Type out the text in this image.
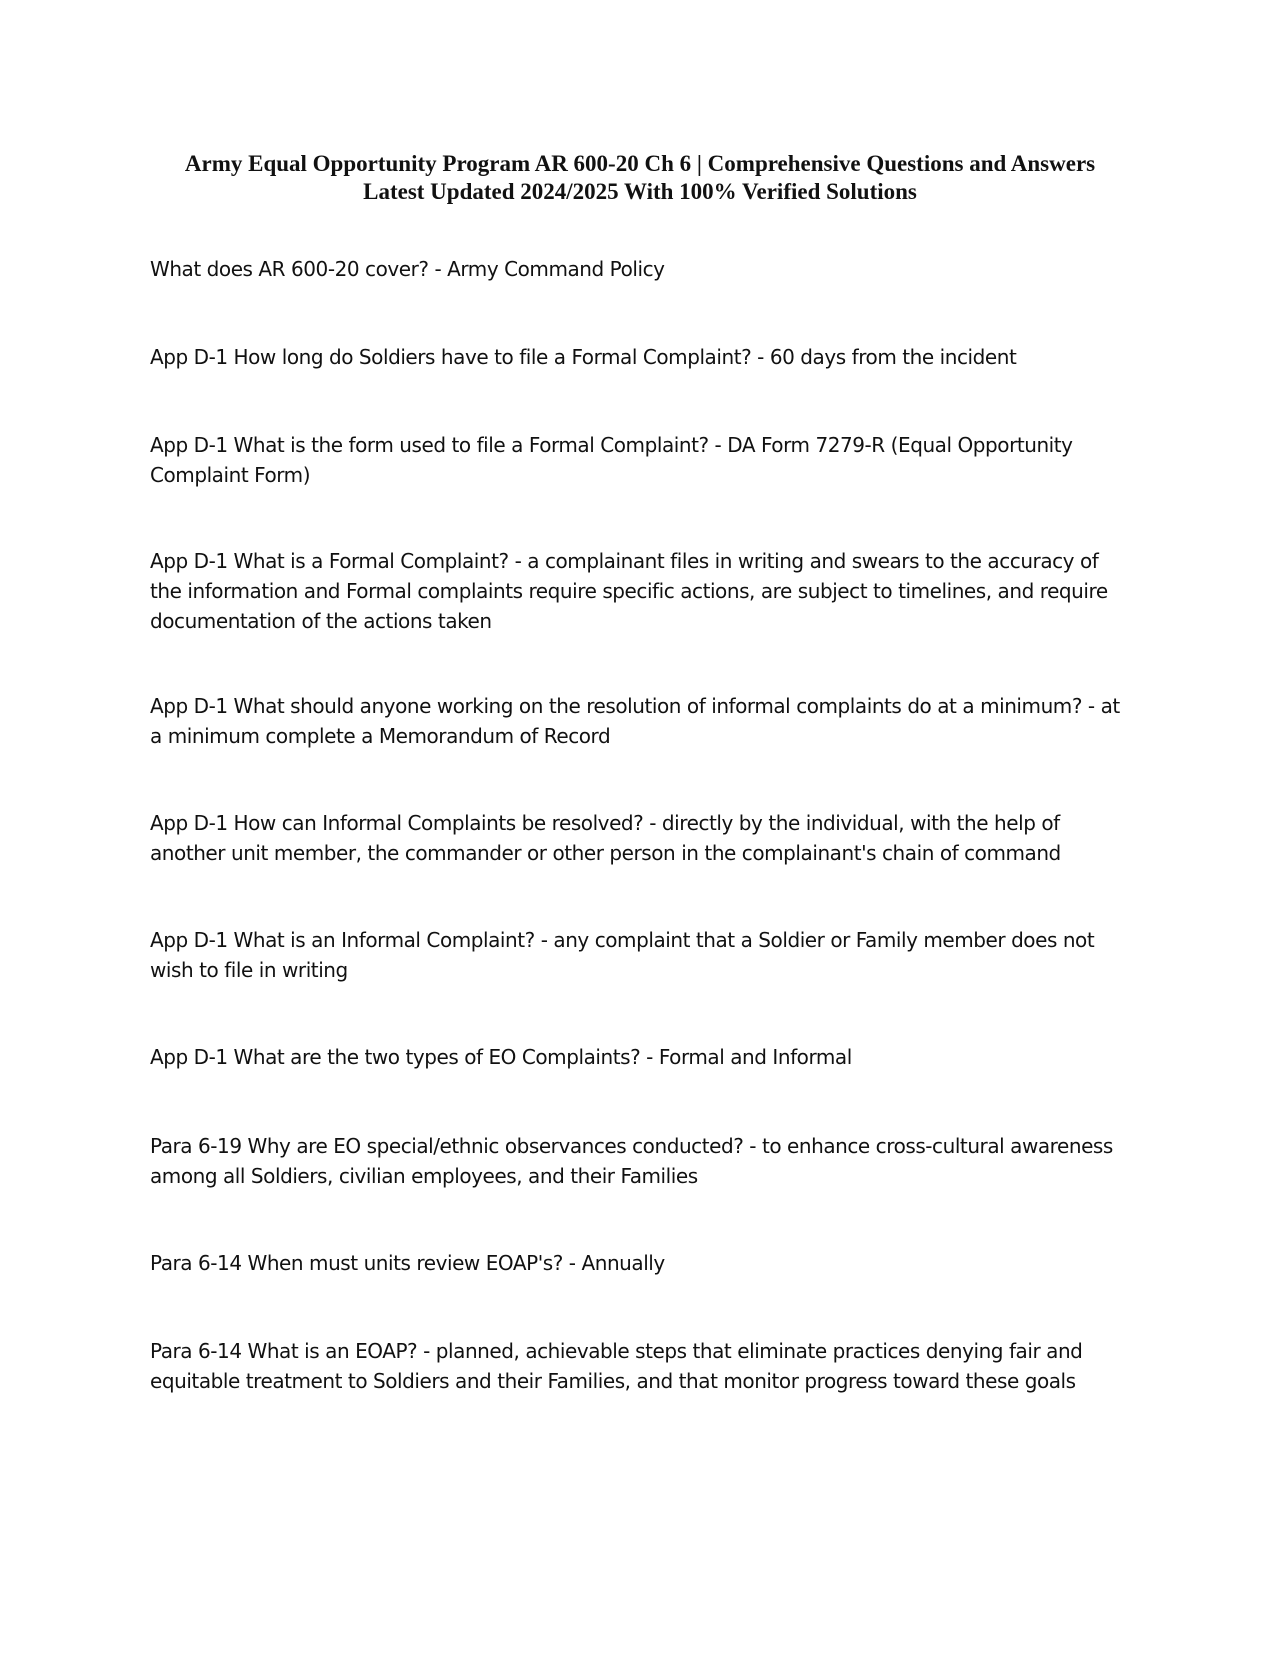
Army Equal Opportunity Program AR 600-20 Ch 6 | Comprehensive Questions and Answers
Latest Updated 2024/2025 With 100% Verified Solutions

What does AR 600-20 cover? - Army Command Policy

App D-1 How long do Soldiers have to file a Formal Complaint? - 60 days from the incident

App D-1 What is the form used to file a Formal Complaint? - DA Form 7279-R (Equal Opportunity Complaint Form)

App D-1 What is a Formal Complaint? - a complainant files in writing and swears to the accuracy of the information and Formal complaints require specific actions, are subject to timelines, and require documentation of the actions taken

App D-1 What should anyone working on the resolution of informal complaints do at a minimum? - at a minimum complete a Memorandum of Record

App D-1 How can Informal Complaints be resolved? - directly by the individual, with the help of another unit member, the commander or other person in the complainant's chain of command

App D-1 What is an Informal Complaint? - any complaint that a Soldier or Family member does not wish to file in writing

App D-1 What are the two types of EO Complaints? - Formal and Informal

Para 6-19 Why are EO special/ethnic observances conducted? - to enhance cross-cultural awareness among all Soldiers, civilian employees, and their Families

Para 6-14 When must units review EOAP's? - Annually

Para 6-14 What is an EOAP? - planned, achievable steps that eliminate practices denying fair and equitable treatment to Soldiers and their Families, and that monitor progress toward these goals
